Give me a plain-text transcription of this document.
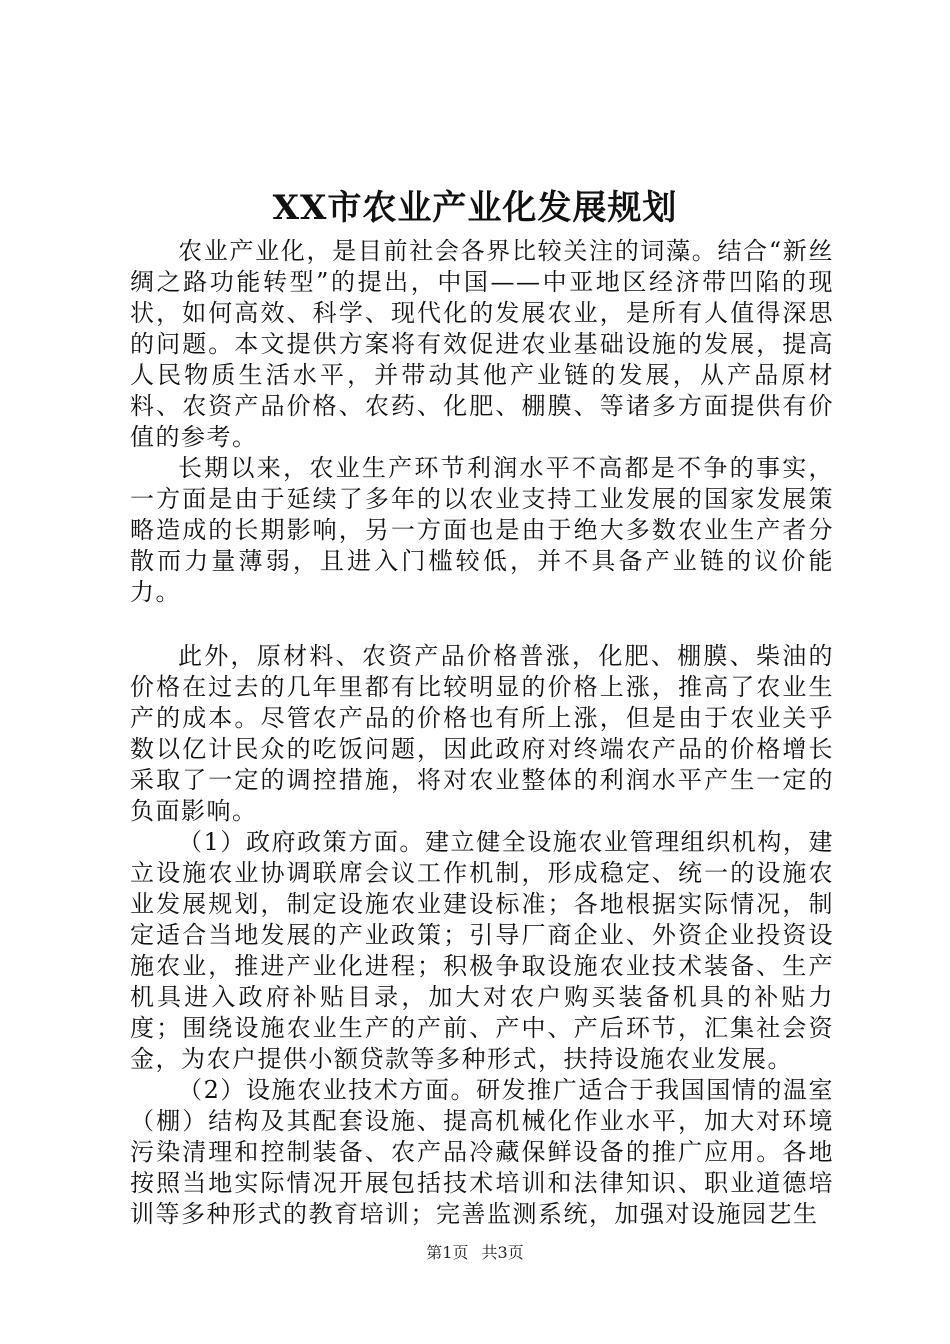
XX市农业产业化发展规划

农业产业化，是目前社会各界比较关注的词藻。结合“新丝绸之路功能转型”的提出，中国——中亚地区经济带凹陷的现状，如何高效、科学、现代化的发展农业，是所有人值得深思的问题。本文提供方案将有效促进农业基础设施的发展，提高人民物质生活水平，并带动其他产业链的发展，从产品原材料、农资产品价格、农药、化肥、棚膜、等诸多方面提供有价值的参考。

长期以来，农业生产环节利润水平不高都是不争的事实，一方面是由于延续了多年的以农业支持工业发展的国家发展策略造成的长期影响，另一方面也是由于绝大多数农业生产者分散而力量薄弱，且进入门槛较低，并不具备产业链的议价能力。

此外，原材料、农资产品价格普涨，化肥、棚膜、柴油的价格在过去的几年里都有比较明显的价格上涨，推高了农业生产的成本。尽管农产品的价格也有所上涨，但是由于农业关乎数以亿计民众的吃饭问题，因此政府对终端农产品的价格增长采取了一定的调控措施，将对农业整体的利润水平产生一定的负面影响。

（1）政府政策方面。建立健全设施农业管理组织机构，建立设施农业协调联席会议工作机制，形成稳定、统一的设施农业发展规划，制定设施农业建设标准；各地根据实际情况，制定适合当地发展的产业政策；引导厂商企业、外资企业投资设施农业，推进产业化进程；积极争取设施农业技术装备、生产机具进入政府补贴目录，加大对农户购买装备机具的补贴力度；围绕设施农业生产的产前、产中、产后环节，汇集社会资金，为农户提供小额贷款等多种形式，扶持设施农业发展。

（2）设施农业技术方面。研发推广适合于我国国情的温室（棚）结构及其配套设施、提高机械化作业水平，加大对环境污染清理和控制装备、农产品冷藏保鲜设备的推广应用。各地按照当地实际情况开展包括技术培训和法律知识、职业道德培训等多种形式的教育培训；完善监测系统，加强对设施园艺生

第1页 共3页
